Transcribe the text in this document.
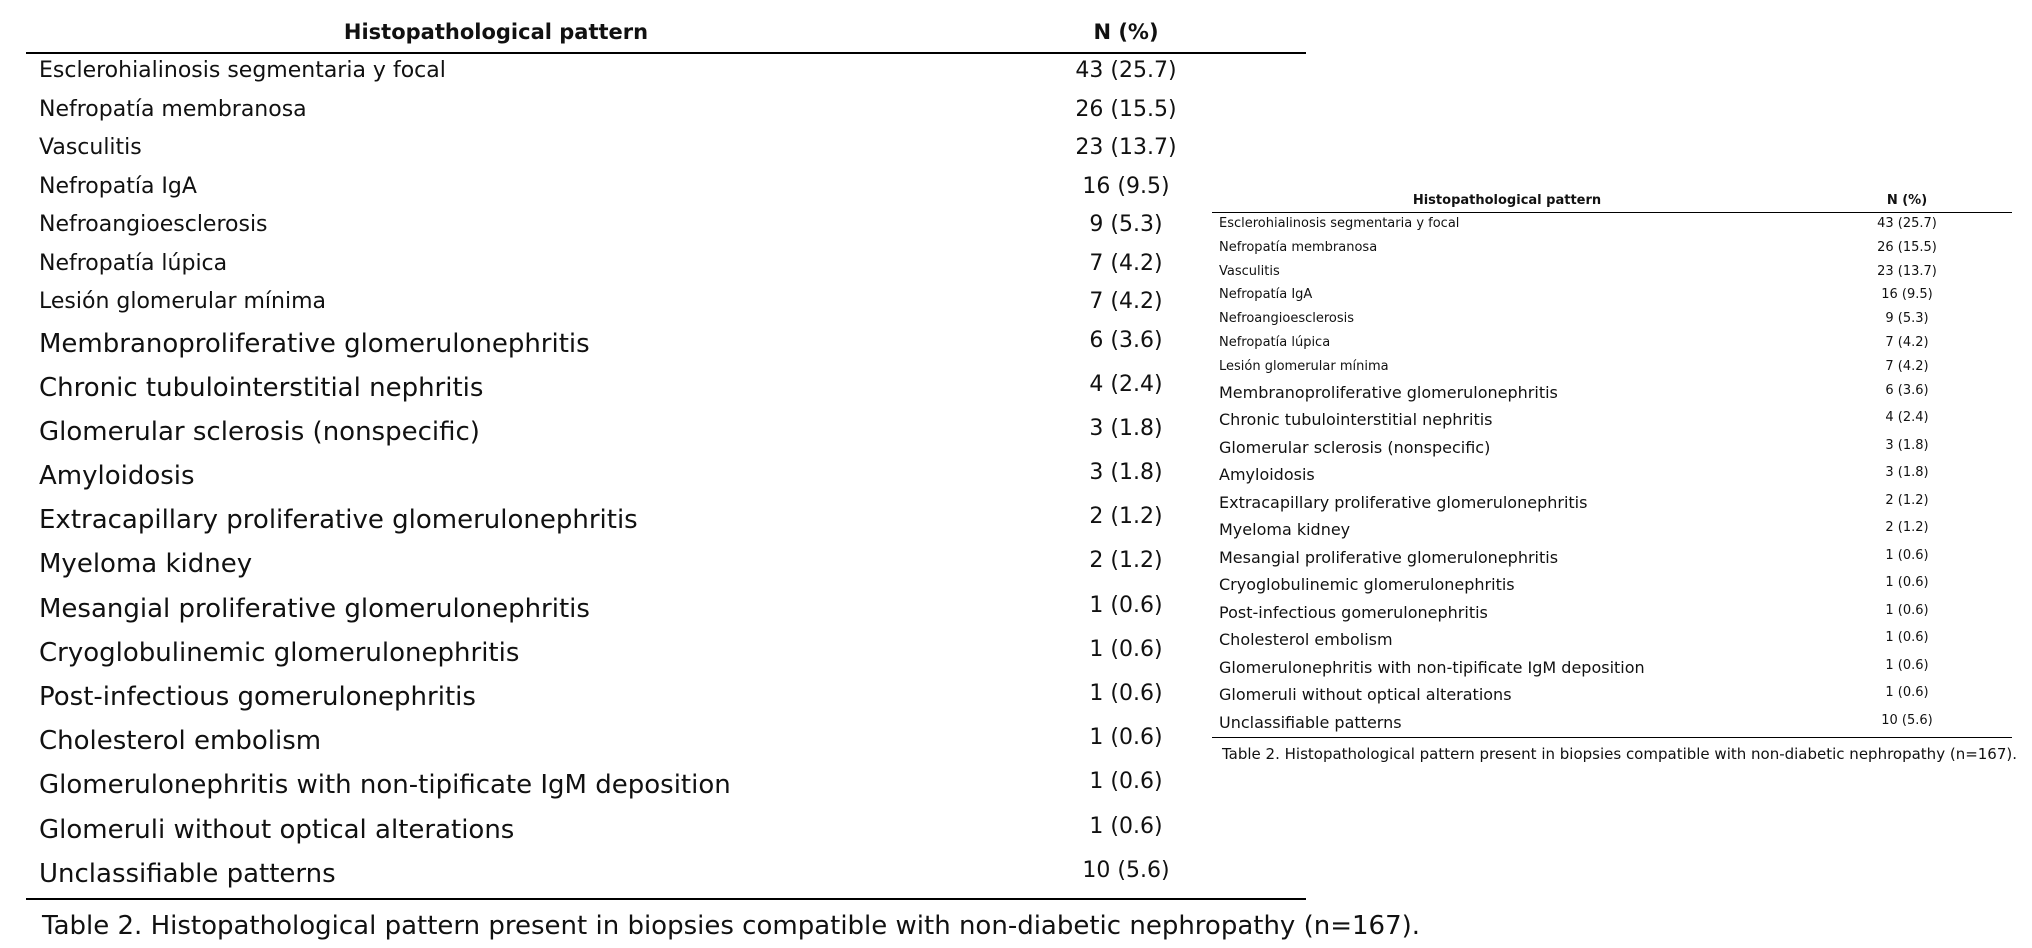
Histopathological pattern	N (%)
Esclerohialinosis segmentaria y focal	43 (25.7)
Nefropatía membranosa	26 (15.5)
Vasculitis	23 (13.7)
Nefropatía IgA	16 (9.5)
Nefroangioesclerosis	9 (5.3)
Nefropatía lúpica	7 (4.2)
Lesión glomerular mínima	7 (4.2)
Membranoproliferative glomerulonephritis	6 (3.6)
Chronic tubulointerstitial nephritis	4 (2.4)
Glomerular sclerosis (nonspecific)	3 (1.8)
Amyloidosis	3 (1.8)
Extracapillary proliferative glomerulonephritis	2 (1.2)
Myeloma kidney	2 (1.2)
Mesangial proliferative glomerulonephritis	1 (0.6)
Cryoglobulinemic glomerulonephritis	1 (0.6)
Post-infectious gomerulonephritis	1 (0.6)
Cholesterol embolism	1 (0.6)
Glomerulonephritis with non-tipificate IgM deposition	1 (0.6)
Glomeruli without optical alterations	1 (0.6)
Unclassifiable patterns	10 (5.6)
Table 2. Histopathological pattern present in biopsies compatible with non-diabetic nephropathy (n=167).
Histopathological pattern	N (%)
Esclerohialinosis segmentaria y focal	43 (25.7)
Nefropatía membranosa	26 (15.5)
Vasculitis	23 (13.7)
Nefropatía IgA	16 (9.5)
Nefroangioesclerosis	9 (5.3)
Nefropatía lúpica	7 (4.2)
Lesión glomerular mínima	7 (4.2)
Membranoproliferative glomerulonephritis	6 (3.6)
Chronic tubulointerstitial nephritis	4 (2.4)
Glomerular sclerosis (nonspecific)	3 (1.8)
Amyloidosis	3 (1.8)
Extracapillary proliferative glomerulonephritis	2 (1.2)
Myeloma kidney	2 (1.2)
Mesangial proliferative glomerulonephritis	1 (0.6)
Cryoglobulinemic glomerulonephritis	1 (0.6)
Post-infectious gomerulonephritis	1 (0.6)
Cholesterol embolism	1 (0.6)
Glomerulonephritis with non-tipificate IgM deposition	1 (0.6)
Glomeruli without optical alterations	1 (0.6)
Unclassifiable patterns	10 (5.6)
Table 2. Histopathological pattern present in biopsies compatible with non-diabetic nephropathy (n=167).
